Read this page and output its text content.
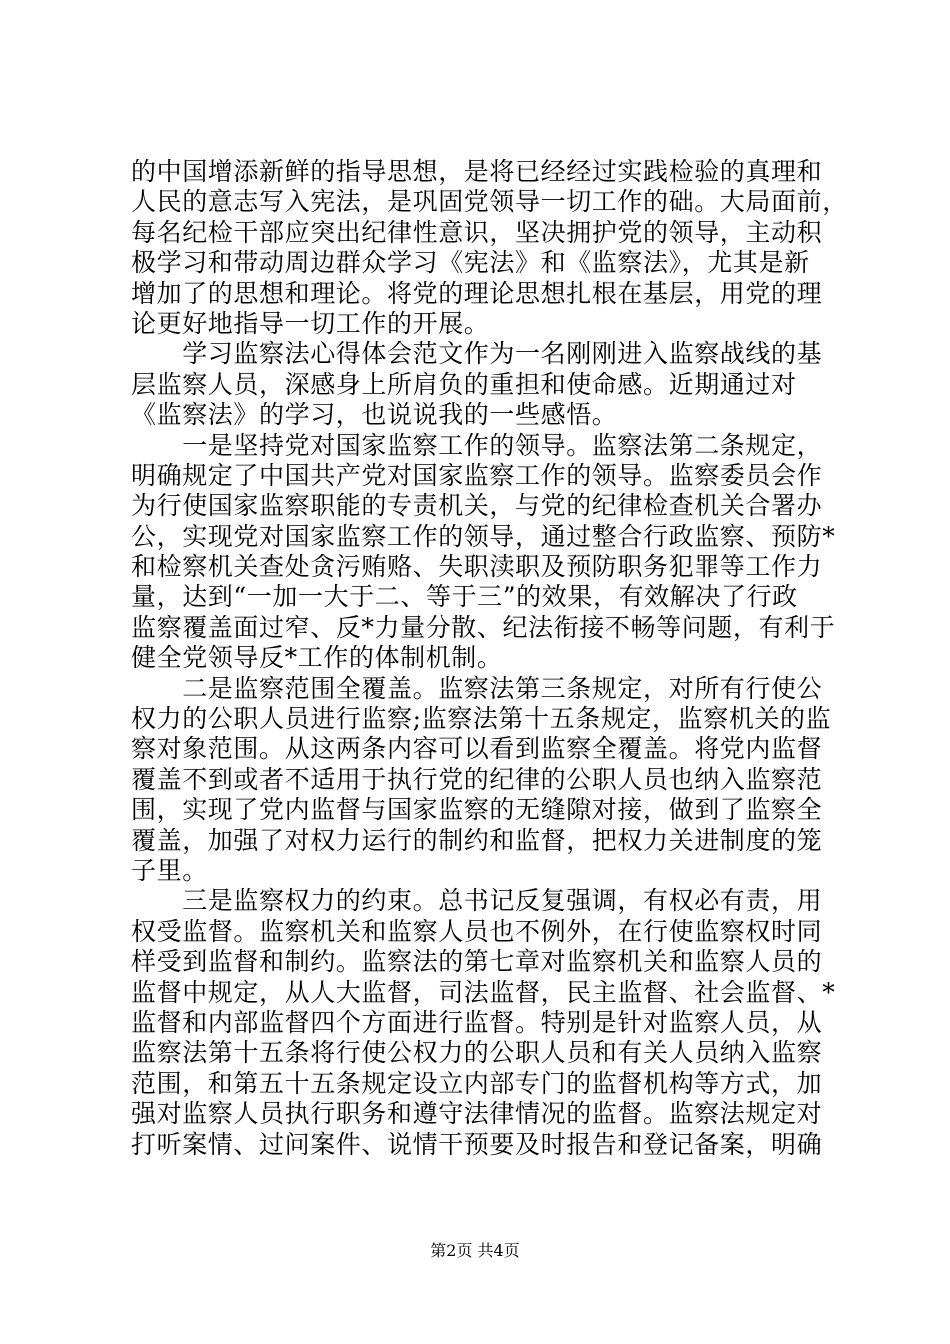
的中国增添新鲜的指导思想，是将已经经过实践检验的真理和
人民的意志写入宪法，是巩固党领导一切工作的础。大局面前，
每名纪检干部应突出纪律性意识，坚决拥护党的领导，主动积
极学习和带动周边群众学习《宪法》和《监察法》，尤其是新
增加了的思想和理论。将党的理论思想扎根在基层，用党的理
论更好地指导一切工作的开展。
　　学习监察法心得体会范文作为一名刚刚进入监察战线的基
层监察人员，深感身上所肩负的重担和使命感。近期通过对
《监察法》的学习，也说说我的一些感悟。
　　一是坚持党对国家监察工作的领导。监察法第二条规定，
明确规定了中国共产党对国家监察工作的领导。监察委员会作
为行使国家监察职能的专责机关，与党的纪律检查机关合署办
公，实现党对国家监察工作的领导，通过整合行政监察、预防*
和检察机关查处贪污贿赂、失职渎职及预防职务犯罪等工作力
量，达到“一加一大于二、等于三”的效果，有效解决了行政
监察覆盖面过窄、反*力量分散、纪法衔接不畅等问题，有利于
健全党领导反*工作的体制机制。
　　二是监察范围全覆盖。监察法第三条规定，对所有行使公
权力的公职人员进行监察;监察法第十五条规定，监察机关的监
察对象范围。从这两条内容可以看到监察全覆盖。将党内监督
覆盖不到或者不适用于执行党的纪律的公职人员也纳入监察范
围，实现了党内监督与国家监察的无缝隙对接，做到了监察全
覆盖，加强了对权力运行的制约和监督，把权力关进制度的笼
子里。
　　三是监察权力的约束。总书记反复强调，有权必有责，用
权受监督。监察机关和监察人员也不例外，在行使监察权时同
样受到监督和制约。监察法的第七章对监察机关和监察人员的
监督中规定，从人大监督，司法监督，民主监督、社会监督、*
监督和内部监督四个方面进行监督。特别是针对监察人员，从
监察法第十五条将行使公权力的公职人员和有关人员纳入监察
范围，和第五十五条规定设立内部专门的监督机构等方式，加
强对监察人员执行职务和遵守法律情况的监督。监察法规定对
打听案情、过问案件、说情干预要及时报告和登记备案，明确
第2页 共4页
